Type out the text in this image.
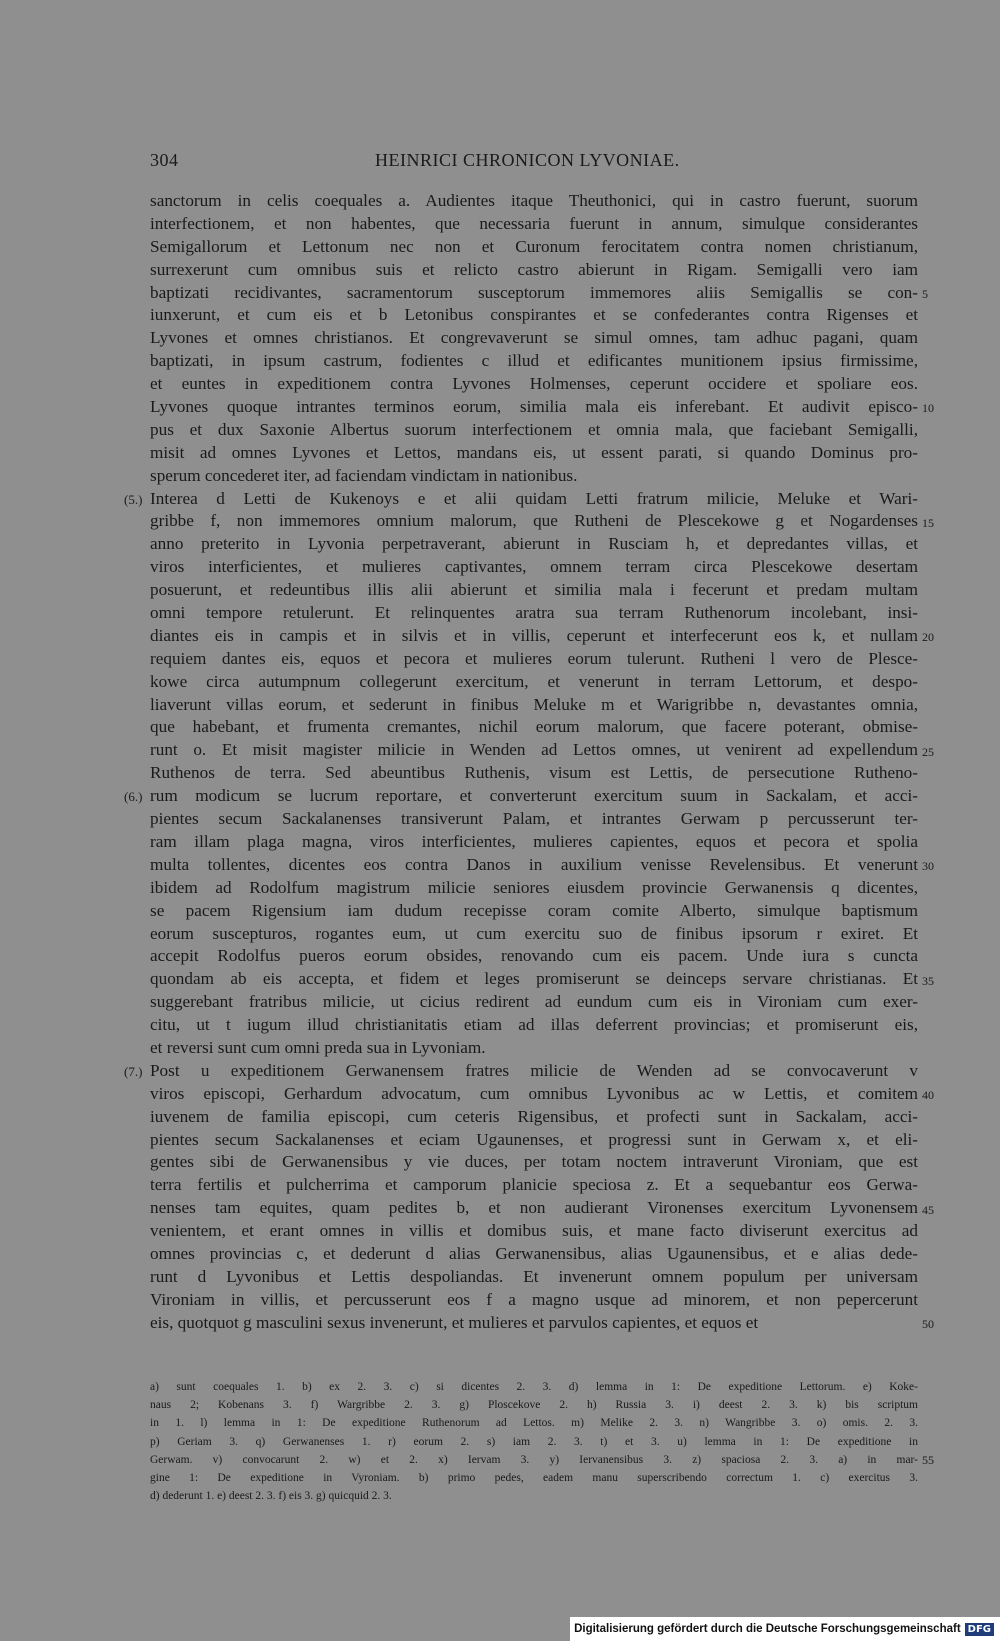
304	HEINRICI CHRONICON LYVONIAE.
sanctorum in celis coequales a. Audientes itaque Theuthonici, qui in castro fuerunt, suorum
interfectionem, et non habentes, que necessaria fuerunt in annum, simulque considerantes
Semigallorum et Lettonum nec non et Curonum ferocitatem contra nomen christianum,
surrexerunt cum omnibus suis et relicto castro abierunt in Rigam. Semigalli vero iam
baptizati recidivantes, sacramentorum susceptorum immemores aliis Semigallis se con-
iunxerunt, et cum eis et b Letonibus conspirantes et se confederantes contra Rigenses et
Lyvones et omnes christianos. Et congrevaverunt se simul omnes, tam adhuc pagani, quam
baptizati, in ipsum castrum, fodientes c illud et edificantes munitionem ipsius firmissime,
et euntes in expeditionem contra Lyvones Holmenses, ceperunt occidere et spoliare eos.
Lyvones quoque intrantes terminos eorum, similia mala eis inferebant. Et audivit episco-
pus et dux Saxonie Albertus suorum interfectionem et omnia mala, que faciebant Semigalli,
misit ad omnes Lyvones et Lettos, mandans eis, ut essent parati, si quando Dominus pro-
sperum concederet iter, ad faciendam vindictam in nationibus.
Interea d Letti de Kukenoys e et alii quidam Letti fratrum milicie, Meluke et Wari-
gribbe f, non immemores omnium malorum, que Rutheni de Plescekowe g et Nogardenses
anno preterito in Lyvonia perpetraverant, abierunt in Rusciam h, et depredantes villas, et
viros interficientes, et mulieres captivantes, omnem terram circa Plescekowe desertam
posuerunt, et redeuntibus illis alii abierunt et similia mala i fecerunt et predam multam
omni tempore retulerunt. Et relinquentes aratra sua terram Ruthenorum incolebant, insi-
diantes eis in campis et in silvis et in villis, ceperunt et interfecerunt eos k, et nullam
requiem dantes eis, equos et pecora et mulieres eorum tulerunt. Rutheni l vero de Plesce-
kowe circa autumpnum collegerunt exercitum, et venerunt in terram Lettorum, et despo-
liaverunt villas eorum, et sederunt in finibus Meluke m et Warigribbe n, devastantes omnia,
que habebant, et frumenta cremantes, nichil eorum malorum, que facere poterant, obmise-
runt o. Et misit magister milicie in Wenden ad Lettos omnes, ut venirent ad expellendum
Ruthenos de terra. Sed abeuntibus Ruthenis, visum est Lettis, de persecutione Rutheno-
rum modicum se lucrum reportare, et converterunt exercitum suum in Sackalam, et acci-
pientes secum Sackalanenses transiverunt Palam, et intrantes Gerwam p percusserunt ter-
ram illam plaga magna, viros interficientes, mulieres capientes, equos et pecora et spolia
multa tollentes, dicentes eos contra Danos in auxilium venisse Revelensibus. Et venerunt
ibidem ad Rodolfum magistrum milicie seniores eiusdem provincie Gerwanensis q dicentes,
se pacem Rigensium iam dudum recepisse coram comite Alberto, simulque baptismum
eorum suscepturos, rogantes eum, ut cum exercitu suo de finibus ipsorum r exiret. Et
accepit Rodolfus pueros eorum obsides, renovando cum eis pacem. Unde iura s cuncta
quondam ab eis accepta, et fidem et leges promiserunt se deinceps servare christianas. Et
suggerebant fratribus milicie, ut cicius redirent ad eundum cum eis in Vironiam cum exer-
citu, ut t iugum illud christianitatis etiam ad illas deferrent provincias; et promiserunt eis,
et reversi sunt cum omni preda sua in Lyvoniam.
Post u expeditionem Gerwanensem fratres milicie de Wenden ad se convocaverunt v
viros episcopi, Gerhardum advocatum, cum omnibus Lyvonibus ac w Lettis, et comitem
iuvenem de familia episcopi, cum ceteris Rigensibus, et profecti sunt in Sackalam, acci-
pientes secum Sackalanenses et eciam Ugaunenses, et progressi sunt in Gerwam x, et eli-
gentes sibi de Gerwanensibus y vie duces, per totam noctem intraverunt Vironiam, que est
terra fertilis et pulcherrima et camporum planicie speciosa z. Et a sequebantur eos Gerwa-
nenses tam equites, quam pedites b, et non audierant Vironenses exercitum Lyvonensem
venientem, et erant omnes in villis et domibus suis, et mane facto diviserunt exercitus ad
omnes provincias c, et dederunt d alias Gerwanensibus, alias Ugaunensibus, et e alias dede-
runt d Lyvonibus et Lettis despoliandas. Et invenerunt omnem populum per universam
Vironiam in villis, et percusserunt eos f a magno usque ad minorem, et non pepercerunt
eis, quotquot g masculini sexus invenerunt, et mulieres et parvulos capientes, et equos et
(5.)
(6.)
(7.)
5
10
15
20
25
30
35
40
45
50
55
a) sunt coequales 1. b) ex 2. 3. c) si dicentes 2. 3. d) lemma in 1: De expeditione Lettorum. e) Koke-
naus 2; Kobenans 3. f) Wargribbe 2. 3. g) Ploscekove 2. h) Russia 3. i) deest 2. 3. k) bis scriptum
in 1. l) lemma in 1: De expeditione Ruthenorum ad Lettos. m) Melike 2. 3. n) Wangribbe 3. o) omis. 2. 3.
p) Geriam 3. q) Gerwanenses 1. r) eorum 2. s) iam 2. 3. t) et 3. u) lemma in 1: De expeditione in
Gerwam. v) convocarunt 2. w) et 2. x) Iervam 3. y) Iervanensibus 3. z) spaciosa 2. 3. a) in mar-
gine 1: De expeditione in Vyroniam. b) primo pedes, eadem manu superscribendo correctum 1. c) exercitus 3.
d) dederunt 1. e) deest 2. 3. f) eis 3. g) quicquid 2. 3.
Digitalisierung gefördert durch die Deutsche Forschungsgemeinschaft DFG
